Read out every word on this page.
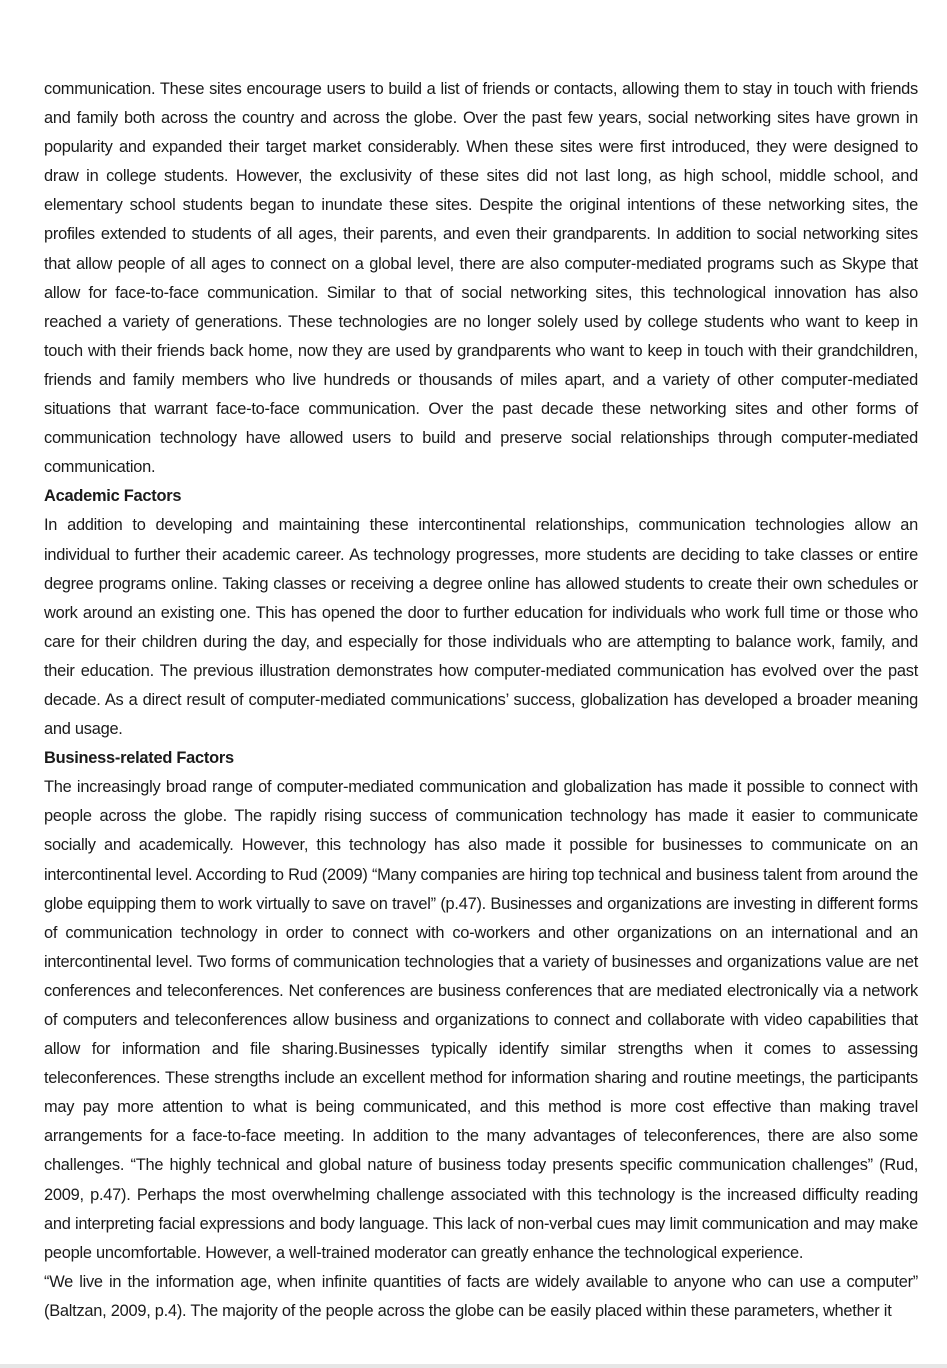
communication. These sites encourage users to build a list of friends or contacts, allowing them to stay in touch with friends and family both across the country and across the globe. Over the past few years, social networking sites have grown in popularity and expanded their target market considerably. When these sites were first introduced, they were designed to draw in college students. However, the exclusivity of these sites did not last long, as high school, middle school, and elementary school students began to inundate these sites. Despite the original intentions of these networking sites, the profiles extended to students of all ages, their parents, and even their grandparents. In addition to social networking sites that allow people of all ages to connect on a global level, there are also computer-mediated programs such as Skype that allow for face-to-face communication. Similar to that of social networking sites, this technological innovation has also reached a variety of generations. These technologies are no longer solely used by college students who want to keep in touch with their friends back home, now they are used by grandparents who want to keep in touch with their grandchildren, friends and family members who live hundreds or thousands of miles apart, and a variety of other computer-mediated situations that warrant face-to-face communication. Over the past decade these networking sites and other forms of communication technology have allowed users to build and preserve social relationships through computer-mediated communication.

Academic Factors

In addition to developing and maintaining these intercontinental relationships, communication technologies allow an individual to further their academic career. As technology progresses, more students are deciding to take classes or entire degree programs online. Taking classes or receiving a degree online has allowed students to create their own schedules or work around an existing one. This has opened the door to further education for individuals who work full time or those who care for their children during the day, and especially for those individuals who are attempting to balance work, family, and their education. The previous illustration demonstrates how computer-mediated communication has evolved over the past decade. As a direct result of computer-mediated communications’ success, globalization has developed a broader meaning and usage.

Business-related Factors

The increasingly broad range of computer-mediated communication and globalization has made it possible to connect with people across the globe. The rapidly rising success of communication technology has made it easier to communicate socially and academically. However, this technology has also made it possible for businesses to communicate on an intercontinental level. According to Rud (2009) “Many companies are hiring top technical and business talent from around the globe equipping them to work virtually to save on travel” (p.47). Businesses and organizations are investing in different forms of communication technology in order to connect with co-workers and other organizations on an international and an intercontinental level. Two forms of communication technologies that a variety of businesses and organizations value are net conferences and teleconferences. Net conferences are business conferences that are mediated electronically via a network of computers and teleconferences allow business and organizations to connect and collaborate with video capabilities that allow for information and file sharing.Businesses typically identify similar strengths when it comes to assessing teleconferences. These strengths include an excellent method for information sharing and routine meetings, the participants may pay more attention to what is being communicated, and this method is more cost effective than making travel arrangements for a face-to-face meeting. In addition to the many advantages of teleconferences, there are also some challenges. “The highly technical and global nature of business today presents specific communication challenges” (Rud, 2009, p.47). Perhaps the most overwhelming challenge associated with this technology is the increased difficulty reading and interpreting facial expressions and body language. This lack of non-verbal cues may limit communication and may make people uncomfortable. However, a well-trained moderator can greatly enhance the technological experience.

“We live in the information age, when infinite quantities of facts are widely available to anyone who can use a computer” (Baltzan, 2009, p.4). The majority of the people across the globe can be easily placed within these parameters, whether it
